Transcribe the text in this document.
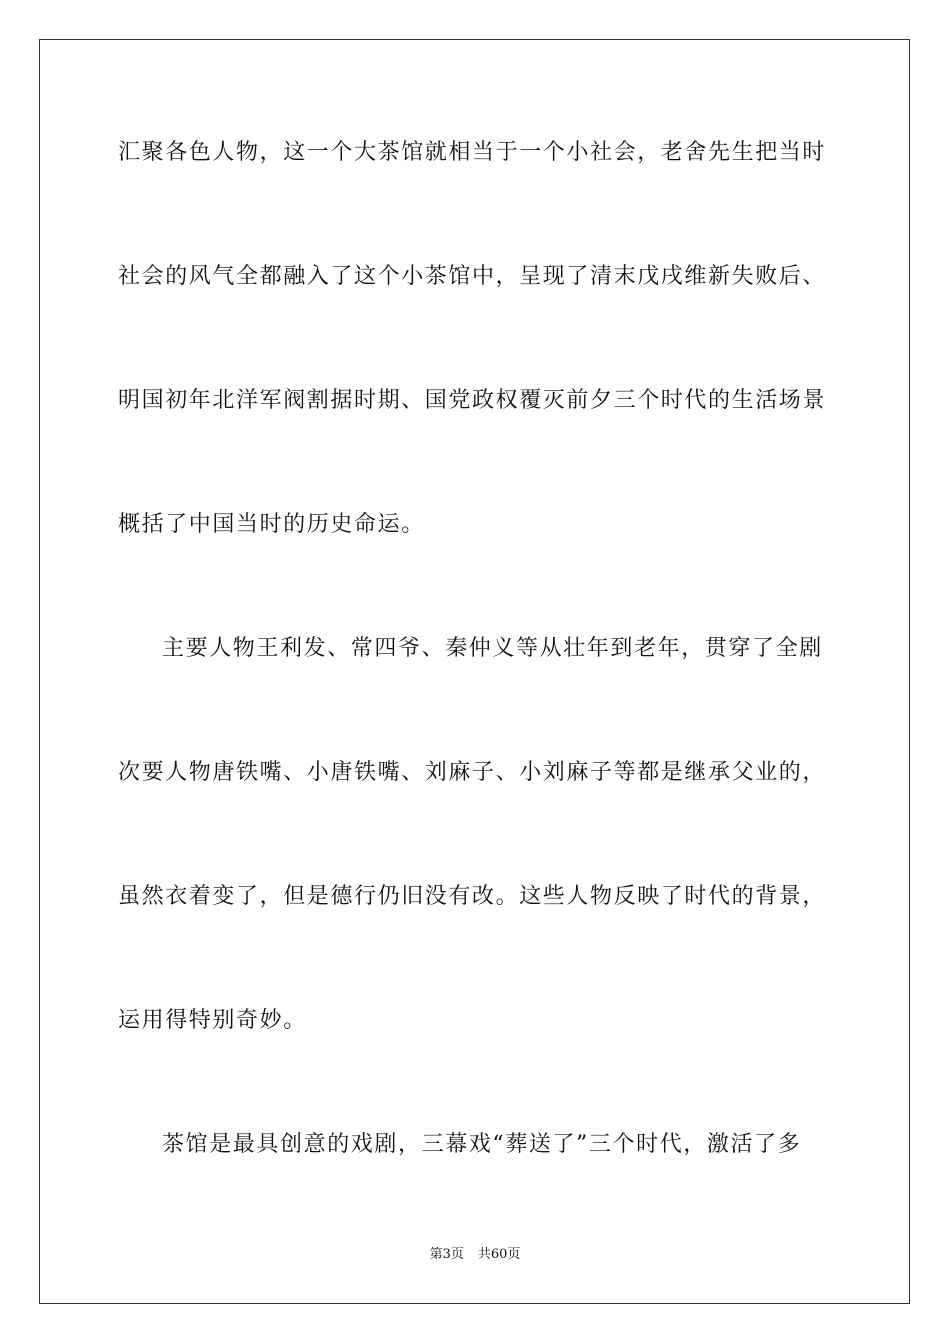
汇聚各色人物，这一个大茶馆就相当于一个小社会，老舍先生把当时
社会的风气全都融入了这个小茶馆中，呈现了清末戊戌维新失败后、
明国初年北洋军阀割据时期、国党政权覆灭前夕三个时代的生活场景
概括了中国当时的历史命运。
主要人物王利发、常四爷、秦仲义等从壮年到老年，贯穿了全剧
次要人物唐铁嘴、小唐铁嘴、刘麻子、小刘麻子等都是继承父业的，
虽然衣着变了，但是德行仍旧没有改。这些人物反映了时代的背景，
运用得特别奇妙。
茶馆是最具创意的戏剧，三幕戏“葬送了”三个时代，激活了多
第3页 共60页
